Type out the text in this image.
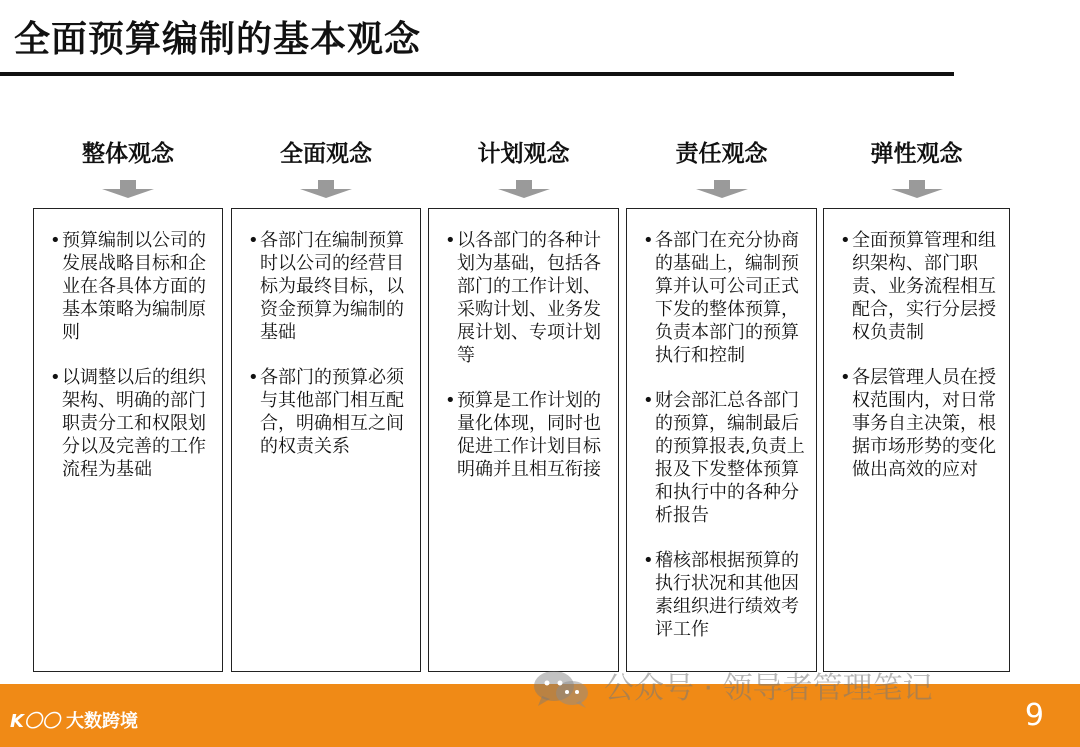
全面预算编制的基本观念
整体观念
• 预算编制以公司的发展战略目标和企业在各具体方面的基本策略为编制原则
• 以调整以后的组织架构、明确的部门职责分工和权限划分以及完善的工作流程为基础
全面观念
• 各部门在编制预算时以公司的经营目标为最终目标，以资金预算为编制的基础
• 各部门的预算必须与其他部门相互配合，明确相互之间的权责关系
计划观念
• 以各部门的各种计划为基础，包括各部门的工作计划、采购计划、业务发展计划、专项计划等
• 预算是工作计划的量化体现，同时也促进工作计划目标明确并且相互衔接
责任观念
• 各部门在充分协商的基础上，编制预算并认可公司正式下发的整体预算，负责本部门的预算执行和控制
• 财会部汇总各部门的预算，编制最后的预算报表,负责上报及下发整体预算和执行中的各种分析报告
• 稽核部根据预算的执行状况和其他因素组织进行绩效考评工作
弹性观念
• 全面预算管理和组织架构、部门职责、业务流程相互配合，实行分层授权负责制
• 各层管理人员在授权范围内，对日常事务自主决策，根据市场形势的变化做出高效的应对
K〇〇 大数跨境
公众号 · 领导者管理笔记
9
